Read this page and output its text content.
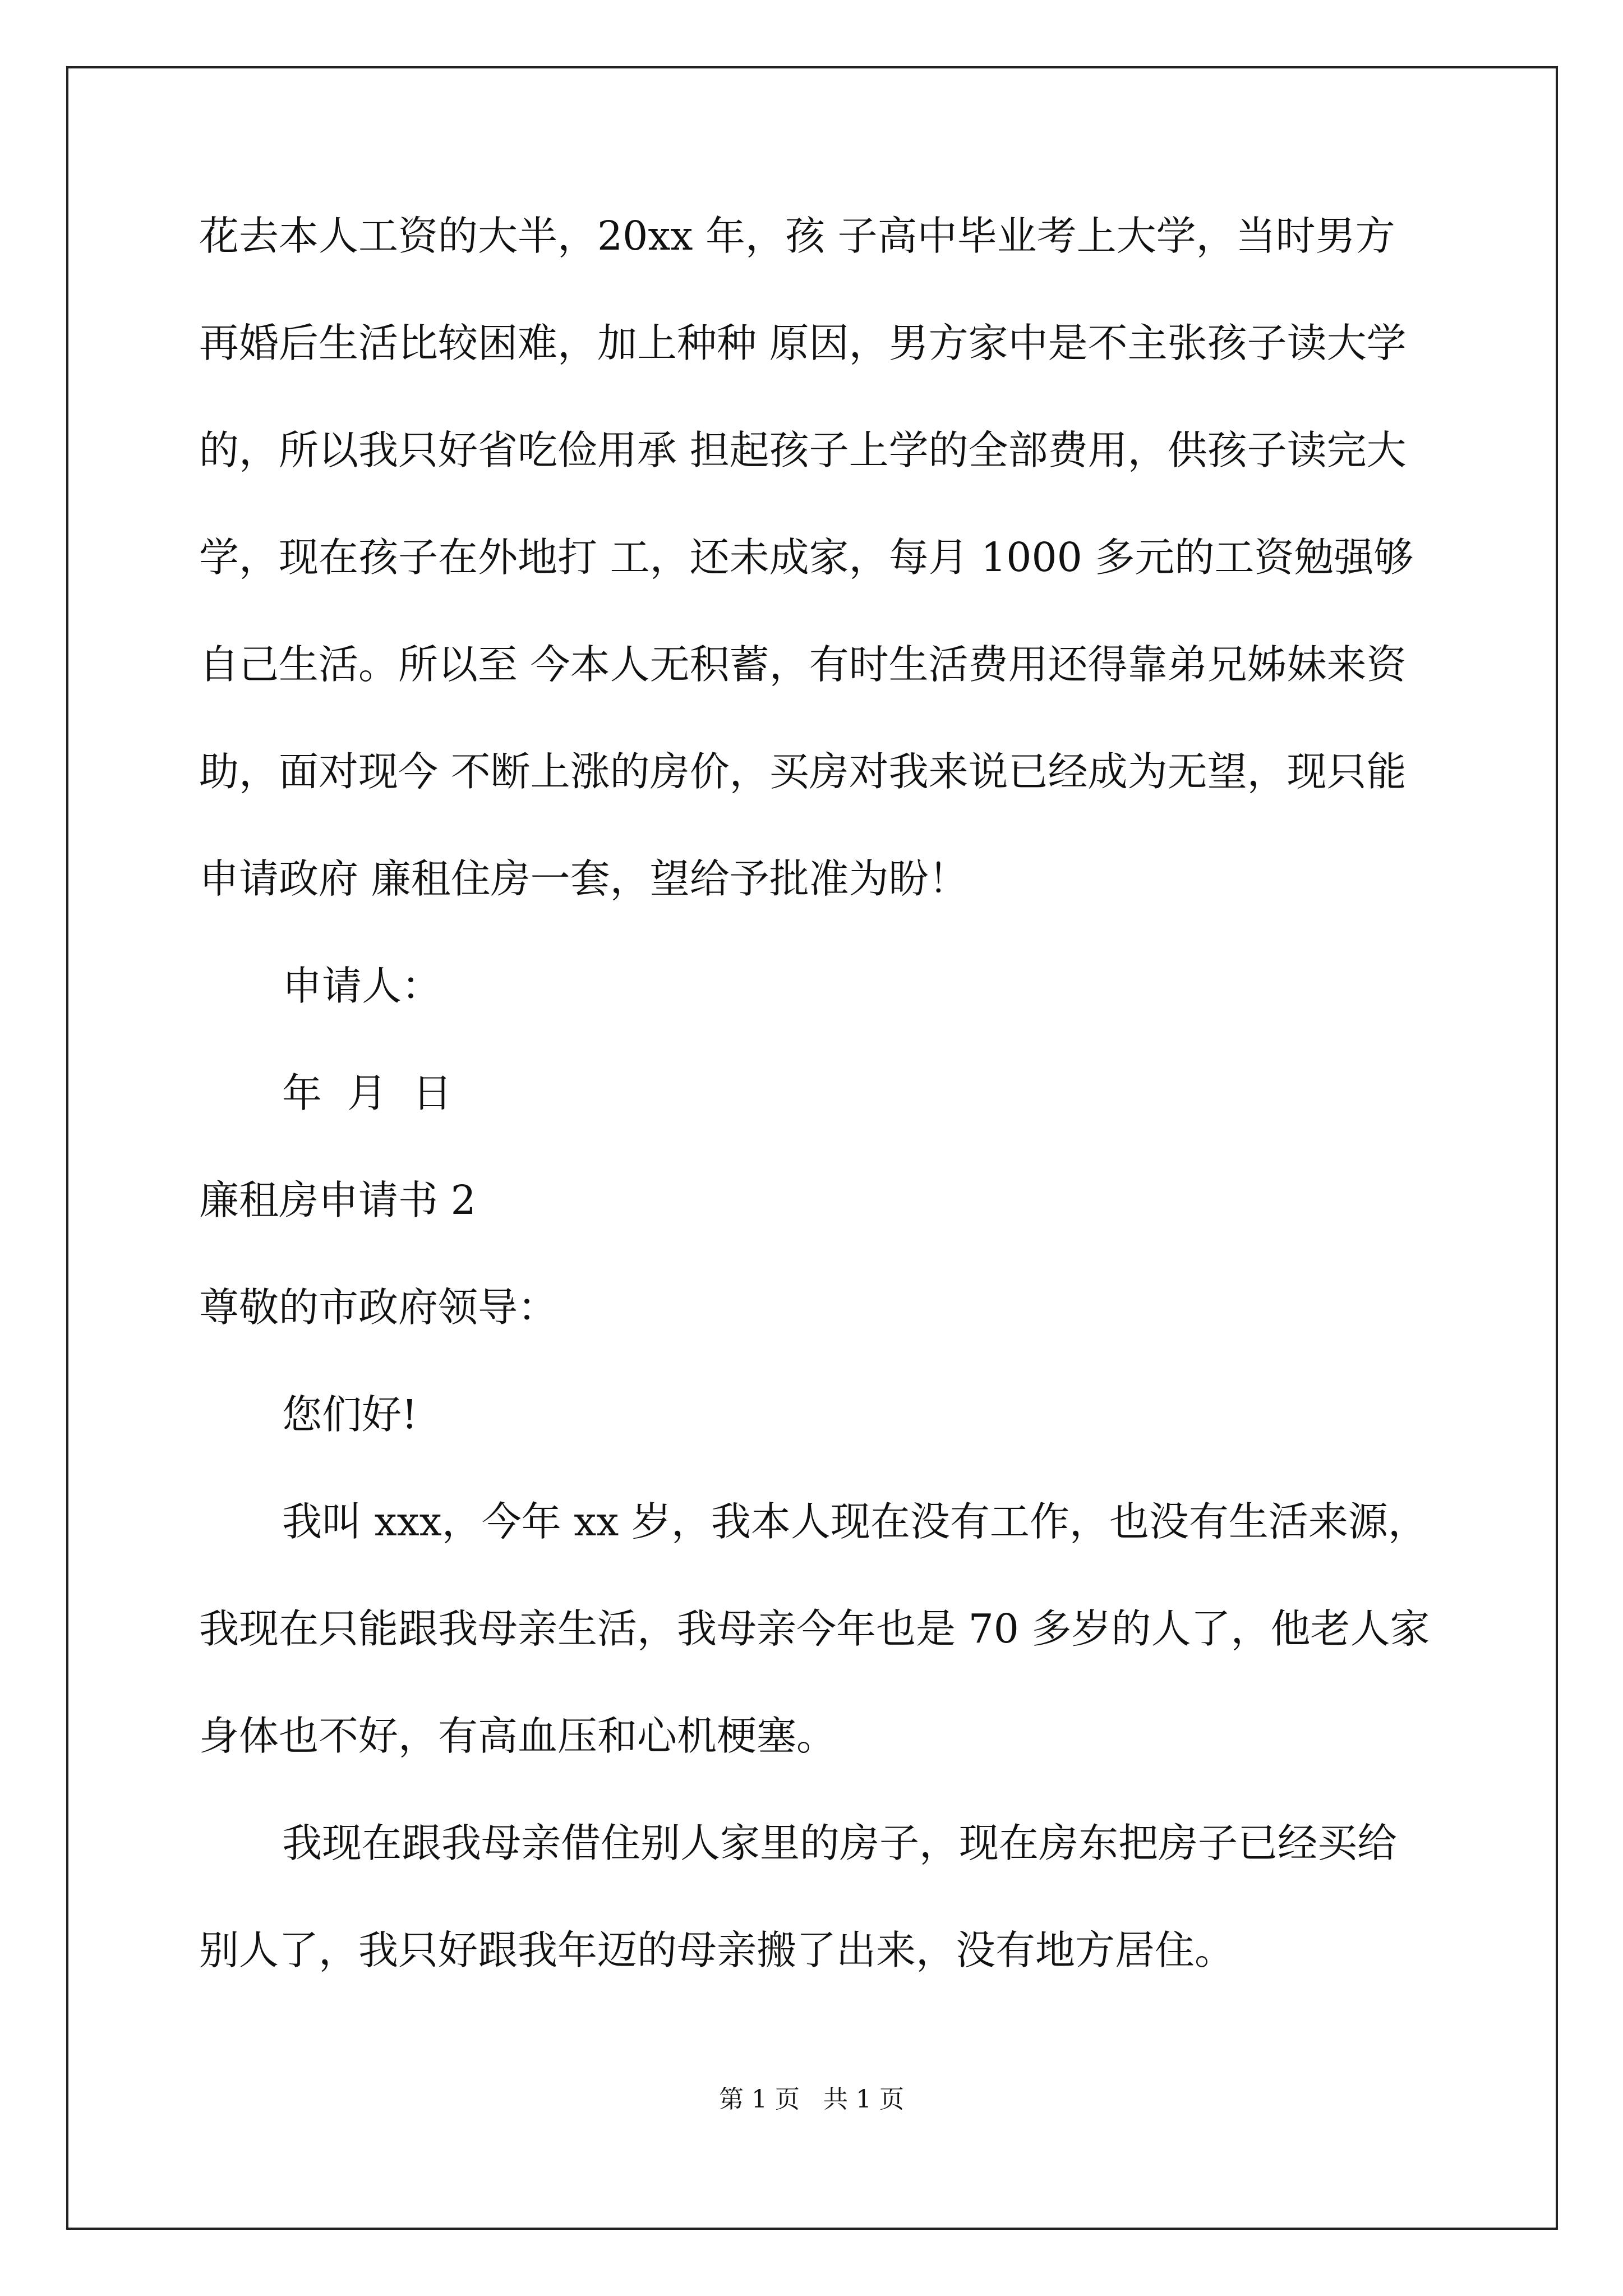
花去本人工资的大半，20xx 年，孩 子高中毕业考上大学，当时男方
再婚后生活比较困难，加上种种 原因，男方家中是不主张孩子读大学
的，所以我只好省吃俭用承 担起孩子上学的全部费用，供孩子读完大
学，现在孩子在外地打 工，还未成家，每月 1000 多元的工资勉强够
自己生活。所以至 今本人无积蓄，有时生活费用还得靠弟兄姊妹来资
助，面对现今 不断上涨的房价，买房对我来说已经成为无望，现只能
申请政府 廉租住房一套，望给予批准为盼！
申请人：
年  月  日
廉租房申请书 2
尊敬的市政府领导：
您们好!
我叫 xxx，今年 xx 岁，我本人现在没有工作，也没有生活来源，
我现在只能跟我母亲生活，我母亲今年也是 70 多岁的人了，他老人家
身体也不好，有高血压和心机梗塞。
我现在跟我母亲借住别人家里的房子，现在房东把房子已经买给
别人了，我只好跟我年迈的母亲搬了出来，没有地方居住。
第 1 页   共 1 页
